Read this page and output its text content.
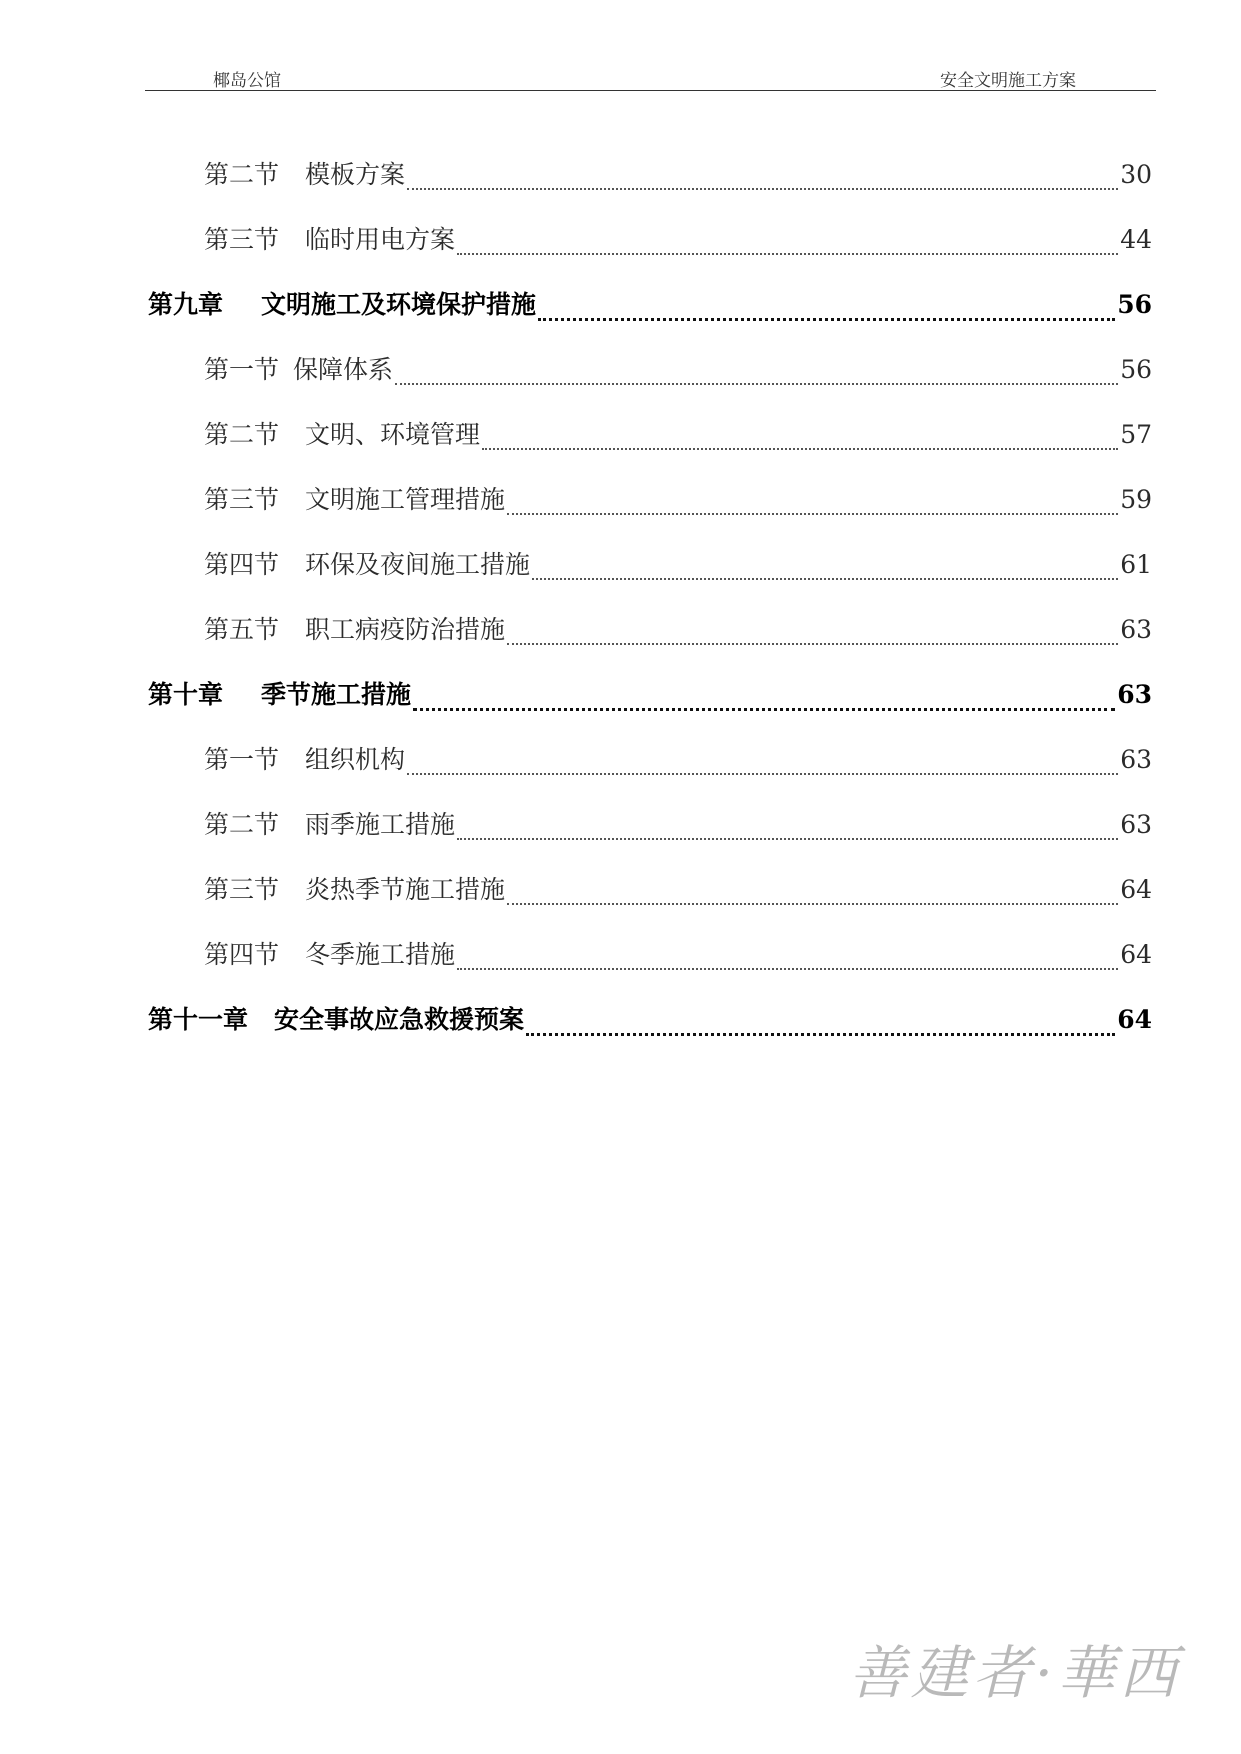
椰岛公馆	安全文明施工方案
第二节 模板方案	30
第三节 临时用电方案	44
第九章 文明施工及环境保护措施	56
第一节 保障体系	56
第二节 文明、环境管理	57
第三节 文明施工管理措施	59
第四节 环保及夜间施工措施	61
第五节 职工病疫防治措施	63
第十章 季节施工措施	63
第一节 组织机构	63
第二节 雨季施工措施	63
第三节 炎热季节施工措施	64
第四节 冬季施工措施	64
第十一章 安全事故应急救援预案	64
善建者·華西
